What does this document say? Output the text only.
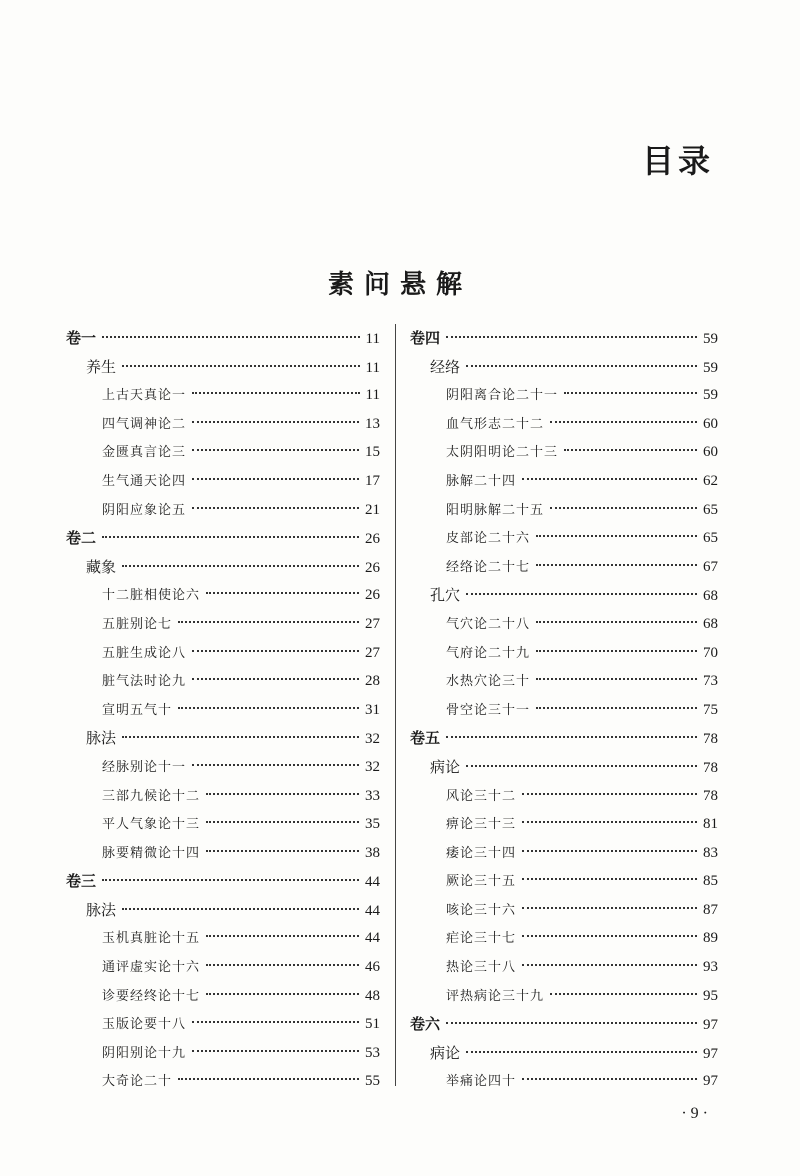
目录
素问悬解
卷一	11
养生	11
上古天真论一	11
四气调神论二	13
金匮真言论三	15
生气通天论四	17
阴阳应象论五	21
卷二	26
藏象	26
十二脏相使论六	26
五脏别论七	27
五脏生成论八	27
脏气法时论九	28
宣明五气十	31
脉法	32
经脉别论十一	32
三部九候论十二	33
平人气象论十三	35
脉要精微论十四	38
卷三	44
脉法	44
玉机真脏论十五	44
通评虚实论十六	46
诊要经终论十七	48
玉版论要十八	51
阴阳别论十九	53
大奇论二十	55
卷四	59
经络	59
阴阳离合论二十一	59
血气形志二十二	60
太阴阳明论二十三	60
脉解二十四	62
阳明脉解二十五	65
皮部论二十六	65
经络论二十七	67
孔穴	68
气穴论二十八	68
气府论二十九	70
水热穴论三十	73
骨空论三十一	75
卷五	78
病论	78
风论三十二	78
痹论三十三	81
痿论三十四	83
厥论三十五	85
咳论三十六	87
疟论三十七	89
热论三十八	93
评热病论三十九	95
卷六	97
病论	97
举痛论四十	97
· 9 ·
